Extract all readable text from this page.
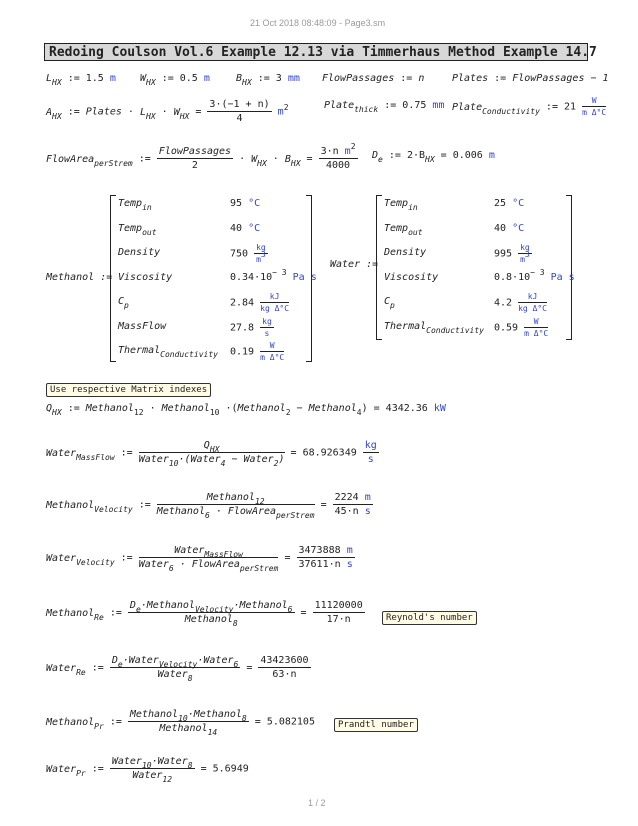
21 Oct 2018 08:48:09 - Page3.sm
Redoing Coulson Vol.6 Example 12.13 via Timmerhaus Method Example 14.7
$L_{HX}$ := 1.5 m $W_{HX}$ := 0.5 m	$B_{HX}$ := 3 mm FlowPassages := n	Plates := FlowPassages − 1
$A_{HX}$ := Plates · $L_{HX} \cdot W_{HX} = \frac{3\cdot(-1 + n)}{4} m^2$	Plate$_{thick}$ := 0.75 mm Plate$_{Conductivity}$ := $21 \frac{W}{\text{m Δ°C}}$
FlowArea$_{perStrem}$ :=
FlowPassages
2
· $W_{HX} \cdot B_{HX} = \frac{3\cdot n m^2}{4000} D_e$ := $2\cdot B_{HX} = 0.006$ m
Methanol :=
Temp$_{in}$	95 °C
Temp$_{out}$	40 °C
Density	$750 \frac{kg}{m3}$
Viscosity	$0.34\cdot 10^{- 3}$ Pa s
$C_p$	$2.84 \frac{kJ}{\text{kg Δ°C}}$
MassFlow	$27.8 \frac{kg}{s}$
Thermal$_{Conductivity}$ $0.19 \frac{W}{\text{m Δ°C}}$
Water :=
Temp$_{in}$	25 °C
Temp$_{out}$	40 °C
Density	$995 \frac{kg}{m3}$
Viscosity	$0.8\cdot 10^{- 3}$ Pa s
$C_p$	$4.2 \frac{kJ}{\text{kg Δ°C}}$
Thermal$_{Conductivity}$ $0.59 \frac{W}{\text{m Δ°C}}$
Use respective Matrix indexes
$Q_{HX}$ := Methanol$_{12}$ · Methanol$_{10}$ ·(Methanol$_2$ − Methanol$_4$) = 4342.36 kW
Water$_{MassFlow}$ :=
$Q_{HX}$
Water$_{10}$·(Water$_4$ − Water$_2$)
= $68.926349 \frac{kg}{s}$
Methanol$_{Velocity}$ :=
Methanol$_{12}$
Methanol$_6$ · FlowArea$_{perStrem}$
= $\frac{2224 m}{\text{45·n s}}$
Water$_{Velocity}$ :=
Water$_{MassFlow}$
Water$_6$ · FlowArea$_{perStrem}$
= $\frac{3473888 m}{\text{37611·n s}}$
Methanol$_{Re}$ :=
$D_e\cdot Methanol_{Velocity}\cdot Methanol_6$
Methanol$_8$
= $\frac{11120000}{17\cdot n}$	Reynold's number
Water$_{Re}$ :=
$D_e\cdot Water_{Velocity}\cdot Water_6$
Water$_8$
= $\frac{43423600}{63\cdot n}$
Methanol$_{Pr}$ :=
Methanol$_{10}$·Methanol$_8$
Methanol$_{14}$
= 5.082105	Prandtl number
Water$_{Pr}$ :=
Water$_{10}$·Water$_8$
Water$_{12}$
= 5.6949
1 / 2
